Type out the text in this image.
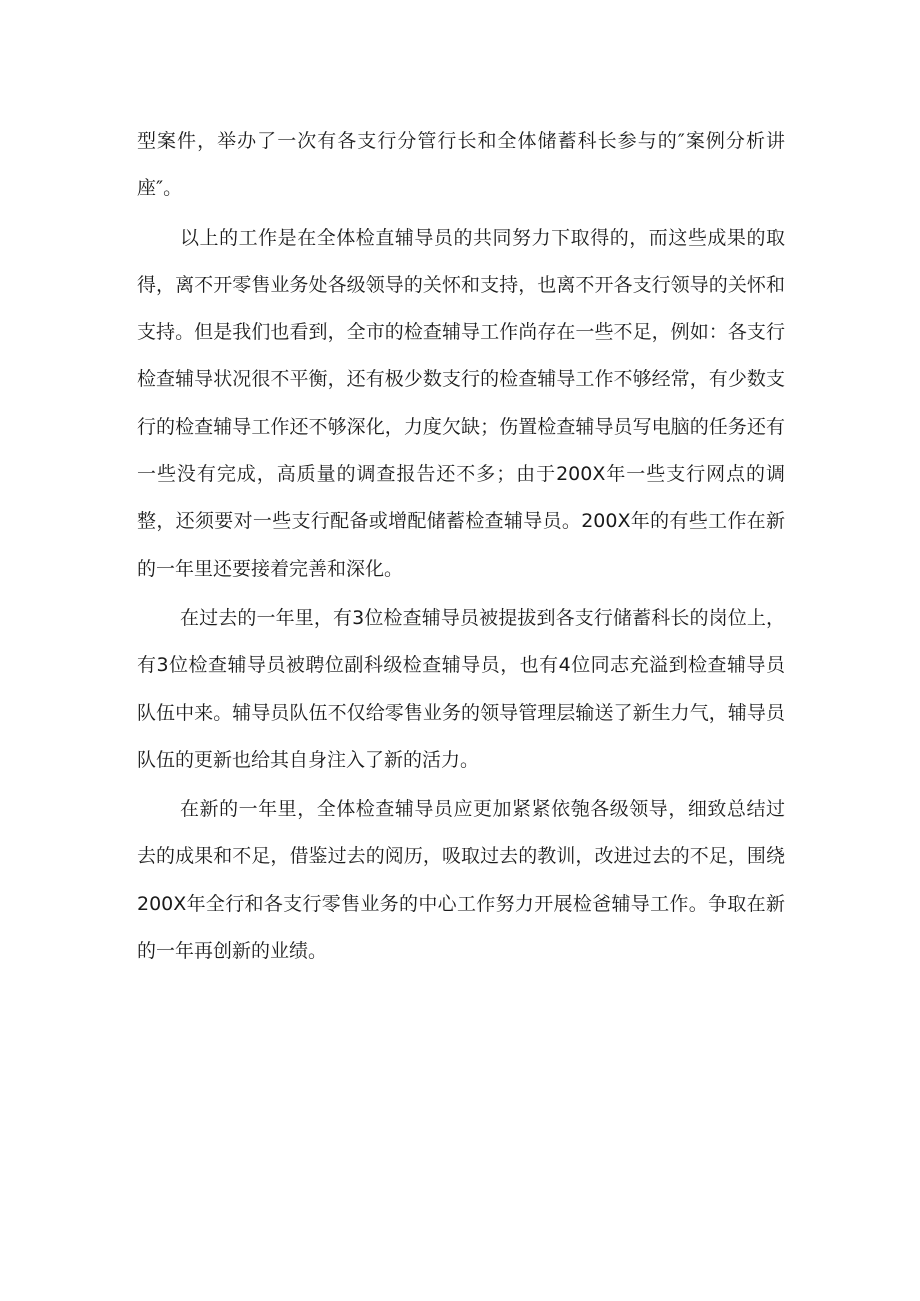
型案件，举办了一次有各支行分管行长和全体储蓄科长参与的″案例分析讲座″。

以上的工作是在全体检直辅导员的共同努力下取得的，而这些成果的取得，离不开零售业务处各级领导的关怀和支持，也离不开各支行领导的关怀和支持。但是我们也看到，全市的检查辅导工作尚存在一些不足，例如：各支行检查辅导状况很不平衡，还有极少数支行的检查辅导工作不够经常，有少数支行的检查辅导工作还不够深化，力度欠缺；伤置检查辅导员写电脑的任务还有一些没有完成，高质量的调查报告还不多；由于200X年一些支行网点的调整，还须要对一些支行配备或增配储蓄检查辅导员。200X年的有些工作在新的一年里还要接着完善和深化。

在过去的一年里，有3位检查辅导员被提拔到各支行储蓄科长的岗位上，有3位检查辅导员被聘位副科级检查辅导员，也有4位同志充溢到检查辅导员队伍中来。辅导员队伍不仅给零售业务的领导管理层输送了新生力气，辅导员队伍的更新也给其自身注入了新的活力。

在新的一年里，全体检查辅导员应更加紧紧依匏各级领导，细致总结过去的成果和不足，借鉴过去的阅历，吸取过去的教训，改进过去的不足，围绕200X年全行和各支行零售业务的中心工作努力开展检爸辅导工作。争取在新的一年再创新的业绩。
